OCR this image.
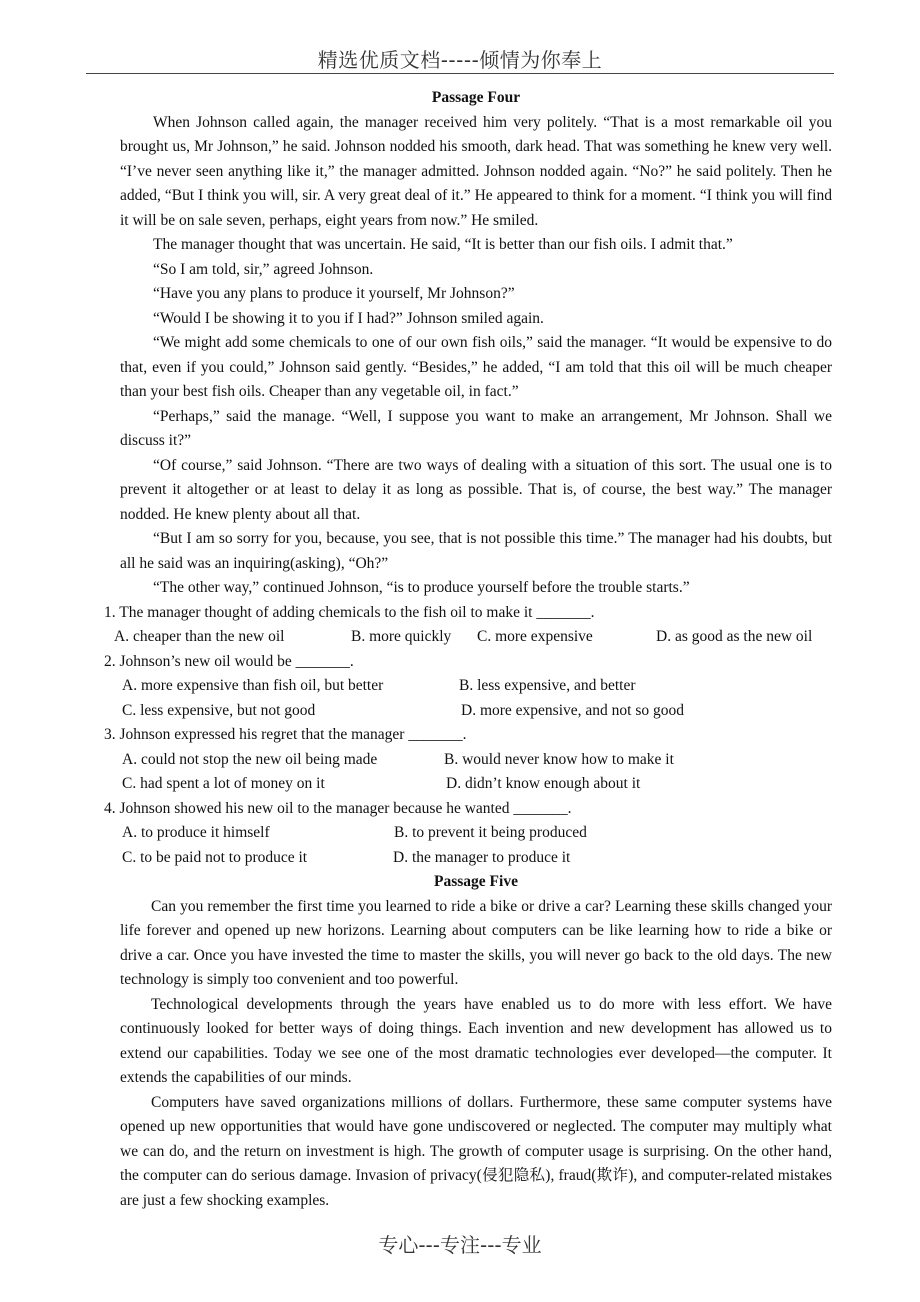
精选优质文档-----倾情为你奉上
Passage Four
When Johnson called again, the manager received him very politely. “That is a most remarkable oil you brought us, Mr Johnson,” he said. Johnson nodded his smooth, dark head. That was something he knew very well. “I’ve never seen anything like it,” the manager admitted. Johnson nodded again. “No?” he said politely. Then he added, “But I think you will, sir. A very great deal of it.” He appeared to think for a moment. “I think you will find it will be on sale seven, perhaps, eight years from now.” He smiled.
The manager thought that was uncertain. He said, “It is better than our fish oils. I admit that.”
“So I am told, sir,” agreed Johnson.
“Have you any plans to produce it yourself, Mr Johnson?”
“Would I be showing it to you if I had?” Johnson smiled again.
“We might add some chemicals to one of our own fish oils,” said the manager. “It would be expensive to do that, even if you could,” Johnson said gently. “Besides,” he added, “I am told that this oil will be much cheaper than your best fish oils. Cheaper than any vegetable oil, in fact.”
“Perhaps,” said the manage. “Well, I suppose you want to make an arrangement, Mr Johnson. Shall we discuss it?”
“Of course,” said Johnson. “There are two ways of dealing with a situation of this sort. The usual one is to prevent it altogether or at least to delay it as long as possible. That is, of course, the best way.” The manager nodded. He knew plenty about all that.
“But I am so sorry for you, because, you see, that is not possible this time.” The manager had his doubts, but all he said was an inquiring(asking), “Oh?”
“The other way,” continued Johnson, “is to produce yourself before the trouble starts.”
1. The manager thought of adding chemicals to the fish oil to make it _______.
A. cheaper than the new oil	B. more quickly	C. more expensive	D. as good as the new oil
2. Johnson’s new oil would be _______.
A. more expensive than fish oil, but better	B. less expensive, and better
C. less expensive, but not good	D. more expensive, and not so good
3. Johnson expressed his regret that the manager _______.
A. could not stop the new oil being made	B. would never know how to make it
C. had spent a lot of money on it	D. didn’t know enough about it
4. Johnson showed his new oil to the manager because he wanted _______.
A. to produce it himself	B. to prevent it being produced
C. to be paid not to produce it	D. the manager to produce it
Passage Five
Can you remember the first time you learned to ride a bike or drive a car? Learning these skills changed your life forever and opened up new horizons. Learning about computers can be like learning how to ride a bike or drive a car. Once you have invested the time to master the skills, you will never go back to the old days. The new technology is simply too convenient and too powerful.
Technological developments through the years have enabled us to do more with less effort. We have continuously looked for better ways of doing things. Each invention and new development has allowed us to extend our capabilities. Today we see one of the most dramatic technologies ever developed—the computer. It extends the capabilities of our minds.
Computers have saved organizations millions of dollars. Furthermore, these same computer systems have opened up new opportunities that would have gone undiscovered or neglected. The computer may multiply what we can do, and the return on investment is high. The growth of computer usage is surprising. On the other hand, the computer can do serious damage. Invasion of privacy(侵犯隐私), fraud(欺诈), and computer-related mistakes are just a few shocking examples.
专心---专注---专业
